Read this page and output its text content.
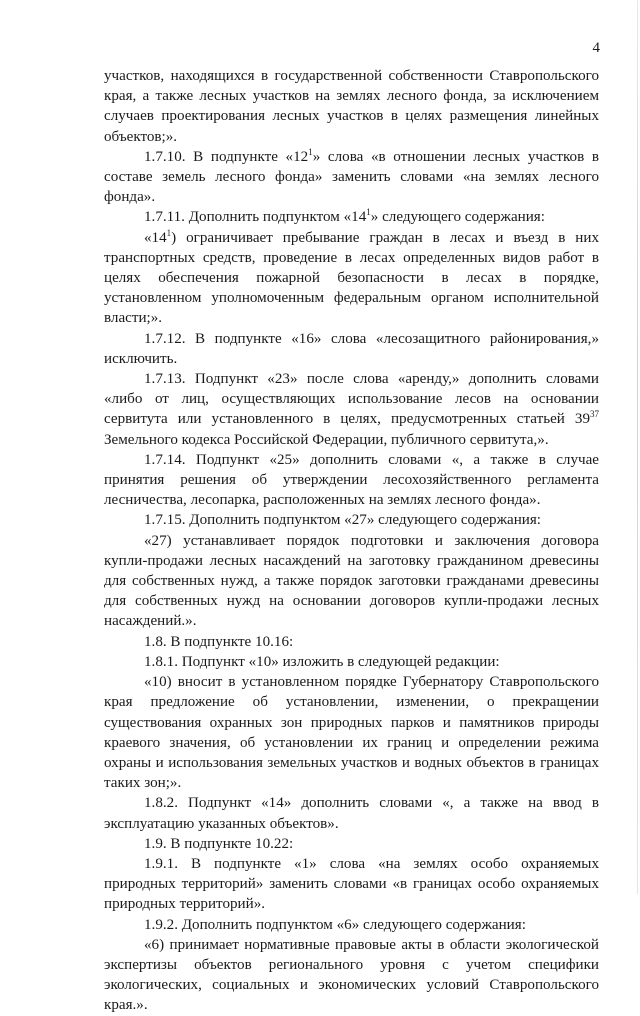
4

участков, находящихся в государственной собственности Ставропольского края, а также лесных участков на землях лесного фонда, за исключением случаев проектирования лесных участков в целях размещения линейных объектов;».

1.7.10. В подпункте «$12^1$» слова «в отношении лесных участков в составе земель лесного фонда» заменить словами «на землях лесного фонда».

1.7.11. Дополнить подпунктом «$14^1$» следующего содержания:

«$14^1$) ограничивает пребывание граждан в лесах и въезд в них транспортных средств, проведение в лесах определенных видов работ в целях обеспечения пожарной безопасности в лесах в порядке, установленном уполномоченным федеральным органом исполнительной власти;».

1.7.12. В подпункте «16» слова «лесозащитного районирования,» исключить.

1.7.13. Подпункт «23» после слова «аренду,» дополнить словами «либо от лиц, осуществляющих использование лесов на основании сервитута или установленного в целях, предусмотренных статьей $39^{37}$ Земельного кодекса Российской Федерации, публичного сервитута,».

1.7.14. Подпункт «25» дополнить словами «, а также в случае принятия решения об утверждении лесохозяйственного регламента лесничества, лесопарка, расположенных на землях лесного фонда».

1.7.15. Дополнить подпунктом «27» следующего содержания:

«27) устанавливает порядок подготовки и заключения договора купли-продажи лесных насаждений на заготовку гражданином древесины для собственных нужд, а также порядок заготовки гражданами древесины для собственных нужд на основании договоров купли-продажи лесных насаждений.».

1.8. В подпункте 10.16:

1.8.1. Подпункт «10» изложить в следующей редакции:

«10) вносит в установленном порядке Губернатору Ставропольского края предложение об установлении, изменении, о прекращении существования охранных зон природных парков и памятников природы краевого значения, об установлении их границ и определении режима охраны и использования земельных участков и водных объектов в границах таких зон;».

1.8.2. Подпункт «14» дополнить словами «, а также на ввод в эксплуатацию указанных объектов».

1.9. В подпункте 10.22:

1.9.1. В подпункте «1» слова «на землях особо охраняемых природных территорий» заменить словами «в границах особо охраняемых природных территорий».

1.9.2. Дополнить подпунктом «6» следующего содержания:

«6) принимает нормативные правовые акты в области экологической экспертизы объектов регионального уровня с учетом специфики экологических, социальных и экономических условий Ставропольского края.».
